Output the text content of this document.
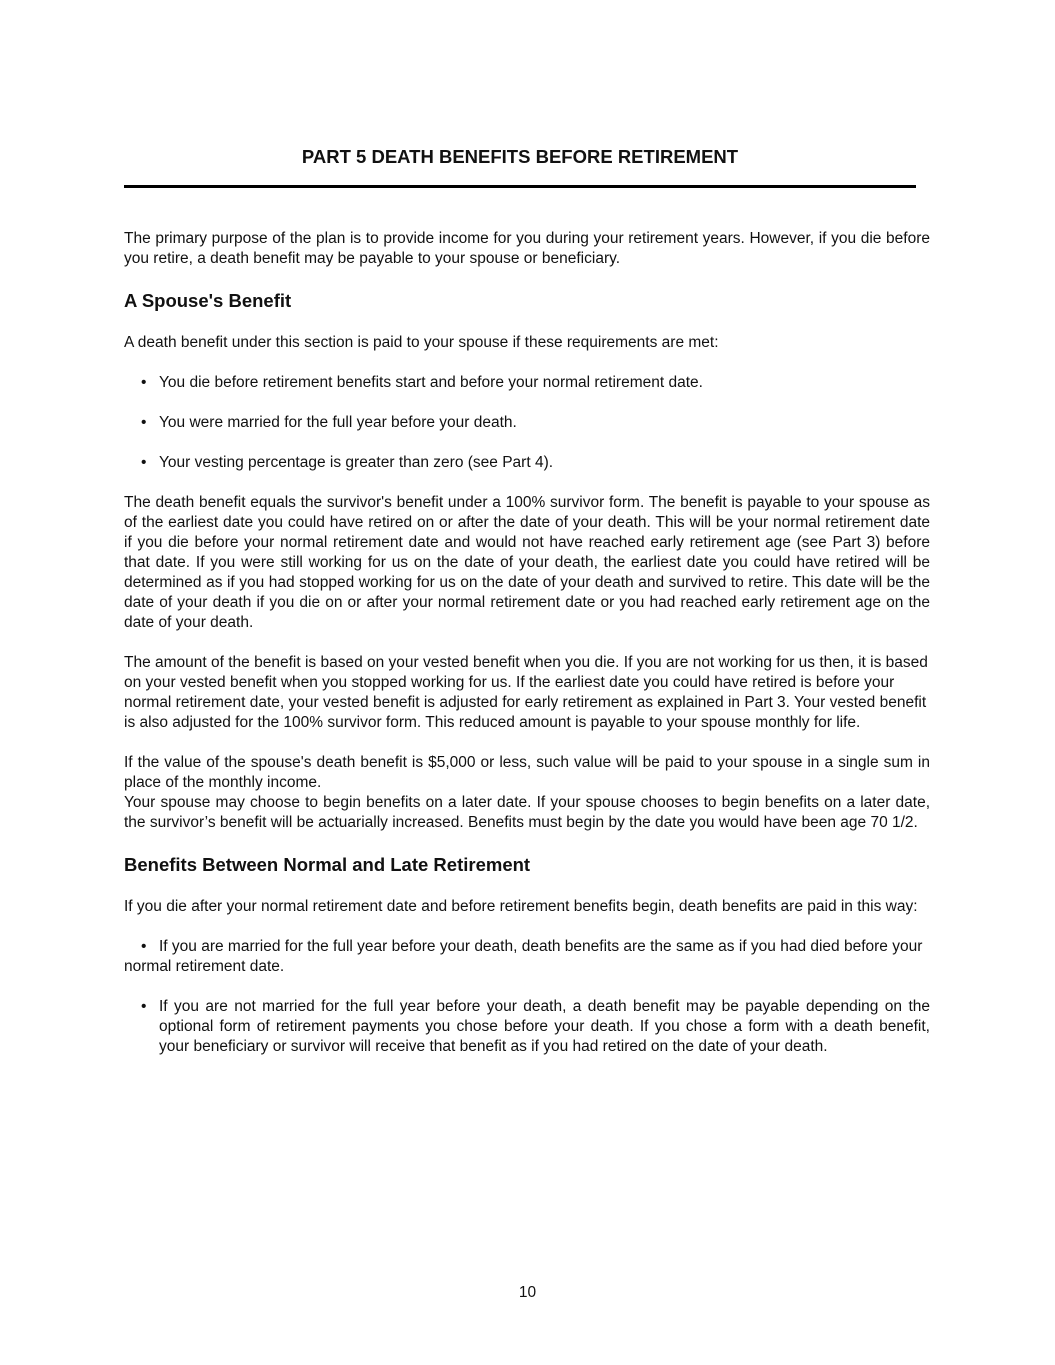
PART 5 DEATH BENEFITS BEFORE RETIREMENT

The primary purpose of the plan is to provide income for you during your retirement years. However, if you die before you retire, a death benefit may be payable to your spouse or beneficiary.

A Spouse's Benefit

A death benefit under this section is paid to your spouse if these requirements are met:

• You die before retirement benefits start and before your normal retirement date.
• You were married for the full year before your death.
• Your vesting percentage is greater than zero (see Part 4).

The death benefit equals the survivor's benefit under a 100% survivor form. The benefit is payable to your spouse as of the earliest date you could have retired on or after the date of your death. This will be your normal retirement date if you die before your normal retirement date and would not have reached early retirement age (see Part 3) before that date. If you were still working for us on the date of your death, the earliest date you could have retired will be determined as if you had stopped working for us on the date of your death and survived to retire. This date will be the date of your death if you die on or after your normal retirement date or you had reached early retirement age on the date of your death.

The amount of the benefit is based on your vested benefit when you die. If you are not working for us then, it is based on your vested benefit when you stopped working for us. If the earliest date you could have retired is before your normal retirement date, your vested benefit is adjusted for early retirement as explained in Part 3. Your vested benefit is also adjusted for the 100% survivor form. This reduced amount is payable to your spouse monthly for life.

If the value of the spouse's death benefit is $5,000 or less, such value will be paid to your spouse in a single sum in place of the monthly income.

Your spouse may choose to begin benefits on a later date. If your spouse chooses to begin benefits on a later date, the survivor’s benefit will be actuarially increased. Benefits must begin by the date you would have been age 70 1/2.

Benefits Between Normal and Late Retirement

If you die after your normal retirement date and before retirement benefits begin, death benefits are paid in this way:

• If you are married for the full year before your death, death benefits are the same as if you had died before your
normal retirement date.
• If you are not married for the full year before your death, a death benefit may be payable depending on the optional form of retirement payments you chose before your death. If you chose a form with a death benefit, your beneficiary or survivor will receive that benefit as if you had retired on the date of your death.
10
